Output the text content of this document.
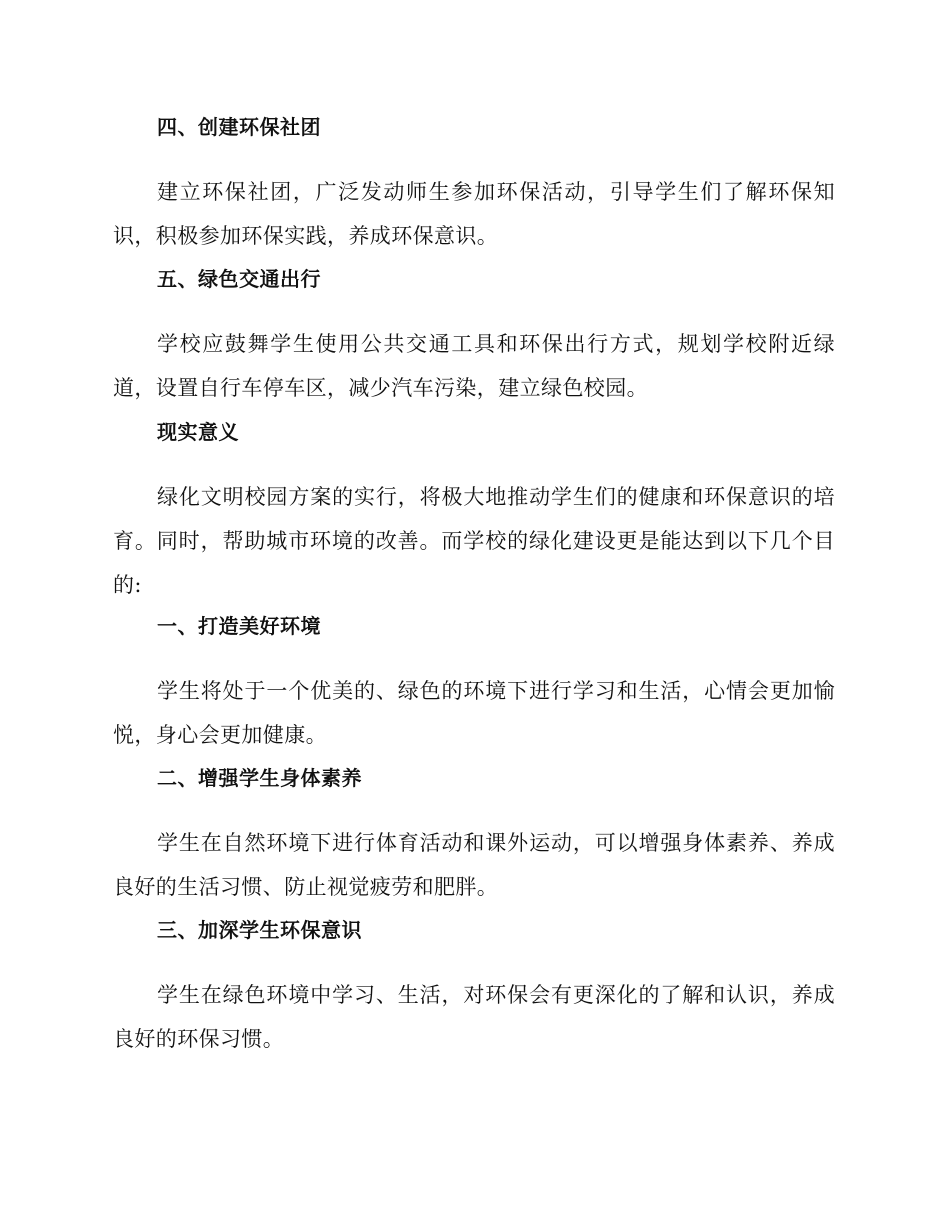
四、创建环保社团

建立环保社团，广泛发动师生参加环保活动，引导学生们了解环保知识，积极参加环保实践，养成环保意识。

五、绿色交通出行

学校应鼓舞学生使用公共交通工具和环保出行方式，规划学校附近绿道，设置自行车停车区，减少汽车污染，建立绿色校园。

现实意义

绿化文明校园方案的实行，将极大地推动学生们的健康和环保意识的培育。同时，帮助城市环境的改善。而学校的绿化建设更是能达到以下几个目的:

一、打造美好环境

学生将处于一个优美的、绿色的环境下进行学习和生活，心情会更加愉悦，身心会更加健康。

二、增强学生身体素养

学生在自然环境下进行体育活动和课外运动，可以增强身体素养、养成良好的生活习惯、防止视觉疲劳和肥胖。

三、加深学生环保意识

学生在绿色环境中学习、生活，对环保会有更深化的了解和认识，养成良好的环保习惯。
